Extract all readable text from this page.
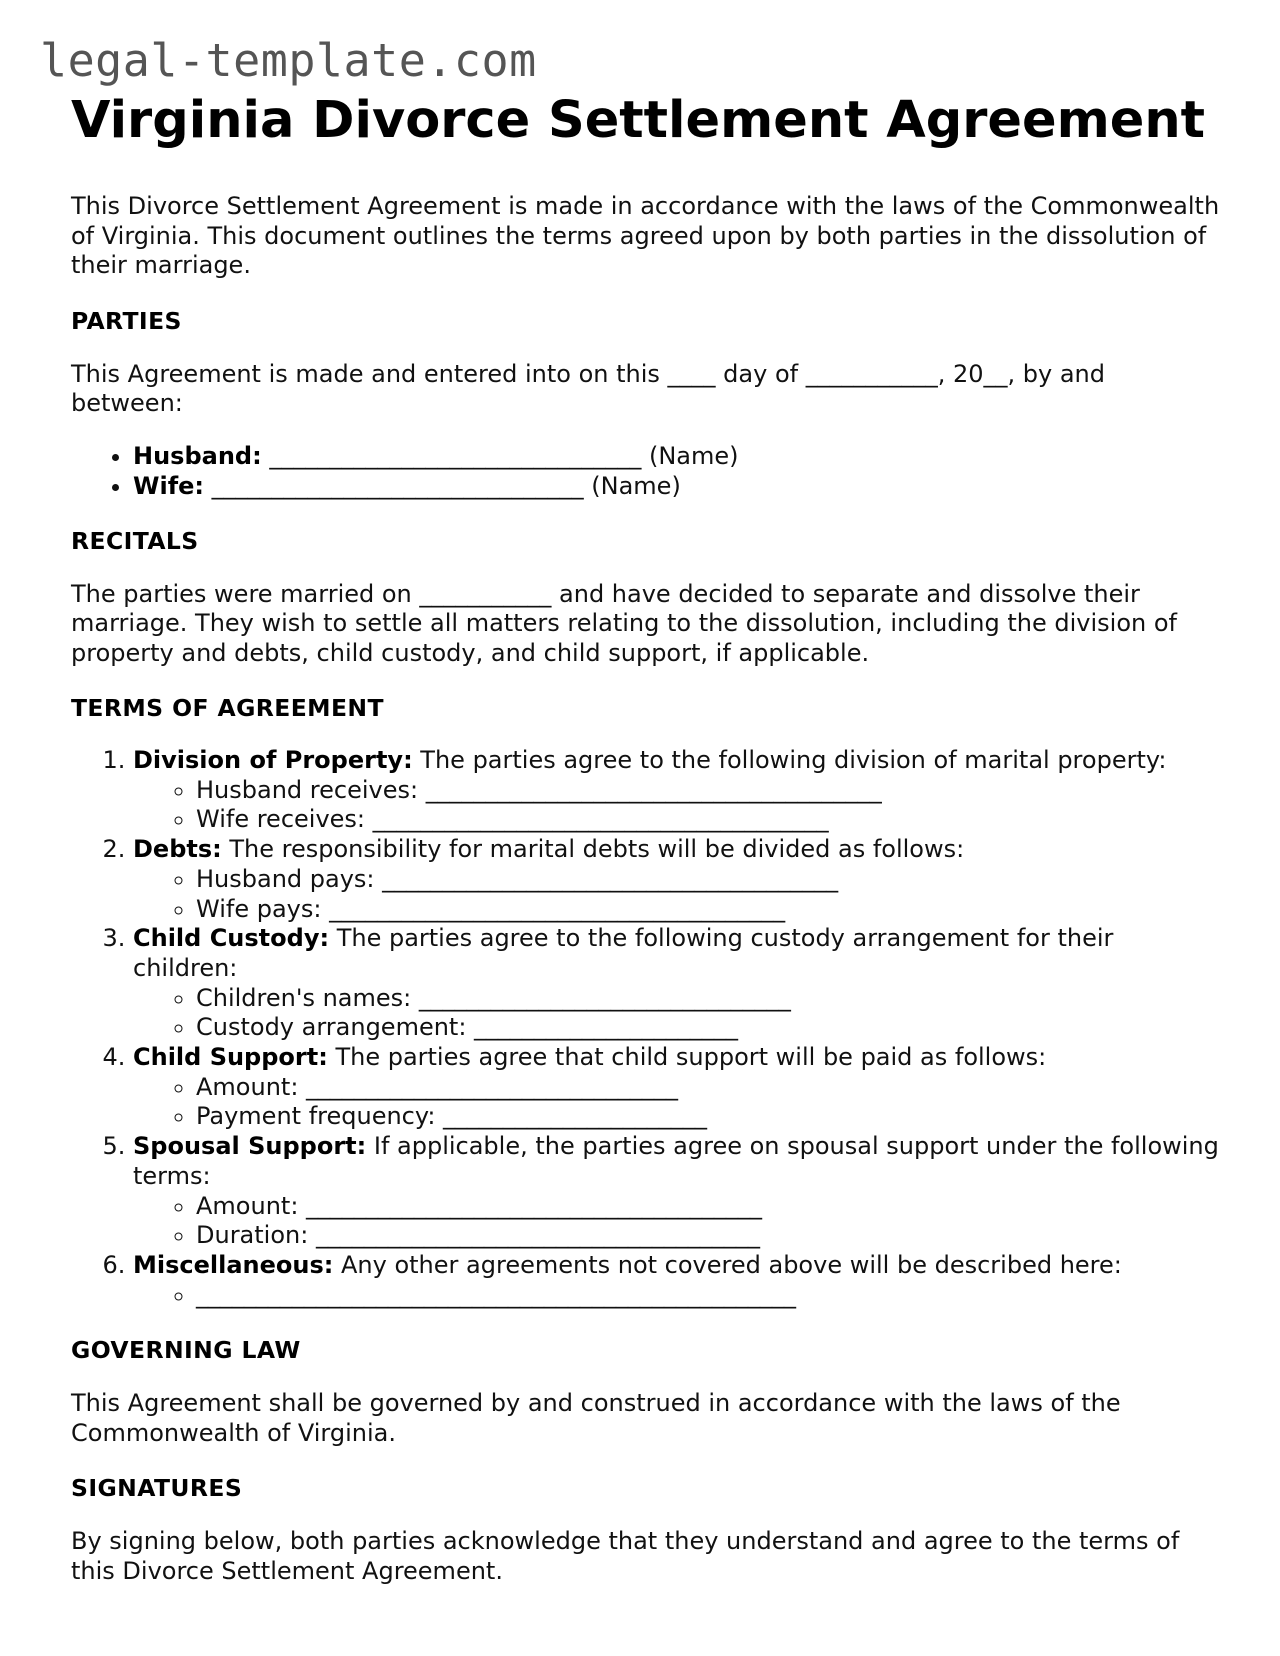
legal-template.com
Virginia Divorce Settlement Agreement

This Divorce Settlement Agreement is made in accordance with the laws of the Commonwealth of Virginia. This document outlines the terms agreed upon by both parties in the dissolution of their marriage.

PARTIES

This Agreement is made and entered into on this ____ day of ___________, 20__, by and between:

• Husband: _______________________________ (Name)
• Wife: _______________________________ (Name)
RECITALS

The parties were married on ___________ and have decided to separate and dissolve their marriage. They wish to settle all matters relating to the dissolution, including the division of property and debts, child custody, and child support, if applicable.

TERMS OF AGREEMENT
1. Division of Property: The parties agree to the following division of marital property:
◦ Husband receives: ______________________________________
◦ Wife receives: ______________________________________
2. Debts: The responsibility for marital debts will be divided as follows:
◦ Husband pays: ______________________________________
◦ Wife pays: ______________________________________
3. Child Custody: The parties agree to the following custody arrangement for their children:
◦ Children's names: _______________________________
◦ Custody arrangement: ______________________
4. Child Support: The parties agree that child support will be paid as follows:
◦ Amount: _______________________________
◦ Payment frequency: ______________________
5. Spousal Support: If applicable, the parties agree on spousal support under the following terms:
◦ Amount: ______________________________________
◦ Duration: _____________________________________
6. Miscellaneous: Any other agreements not covered above will be described here:
◦ __________________________________________________
GOVERNING LAW

This Agreement shall be governed by and construed in accordance with the laws of the Commonwealth of Virginia.

SIGNATURES

By signing below, both parties acknowledge that they understand and agree to the terms of this Divorce Settlement Agreement.
